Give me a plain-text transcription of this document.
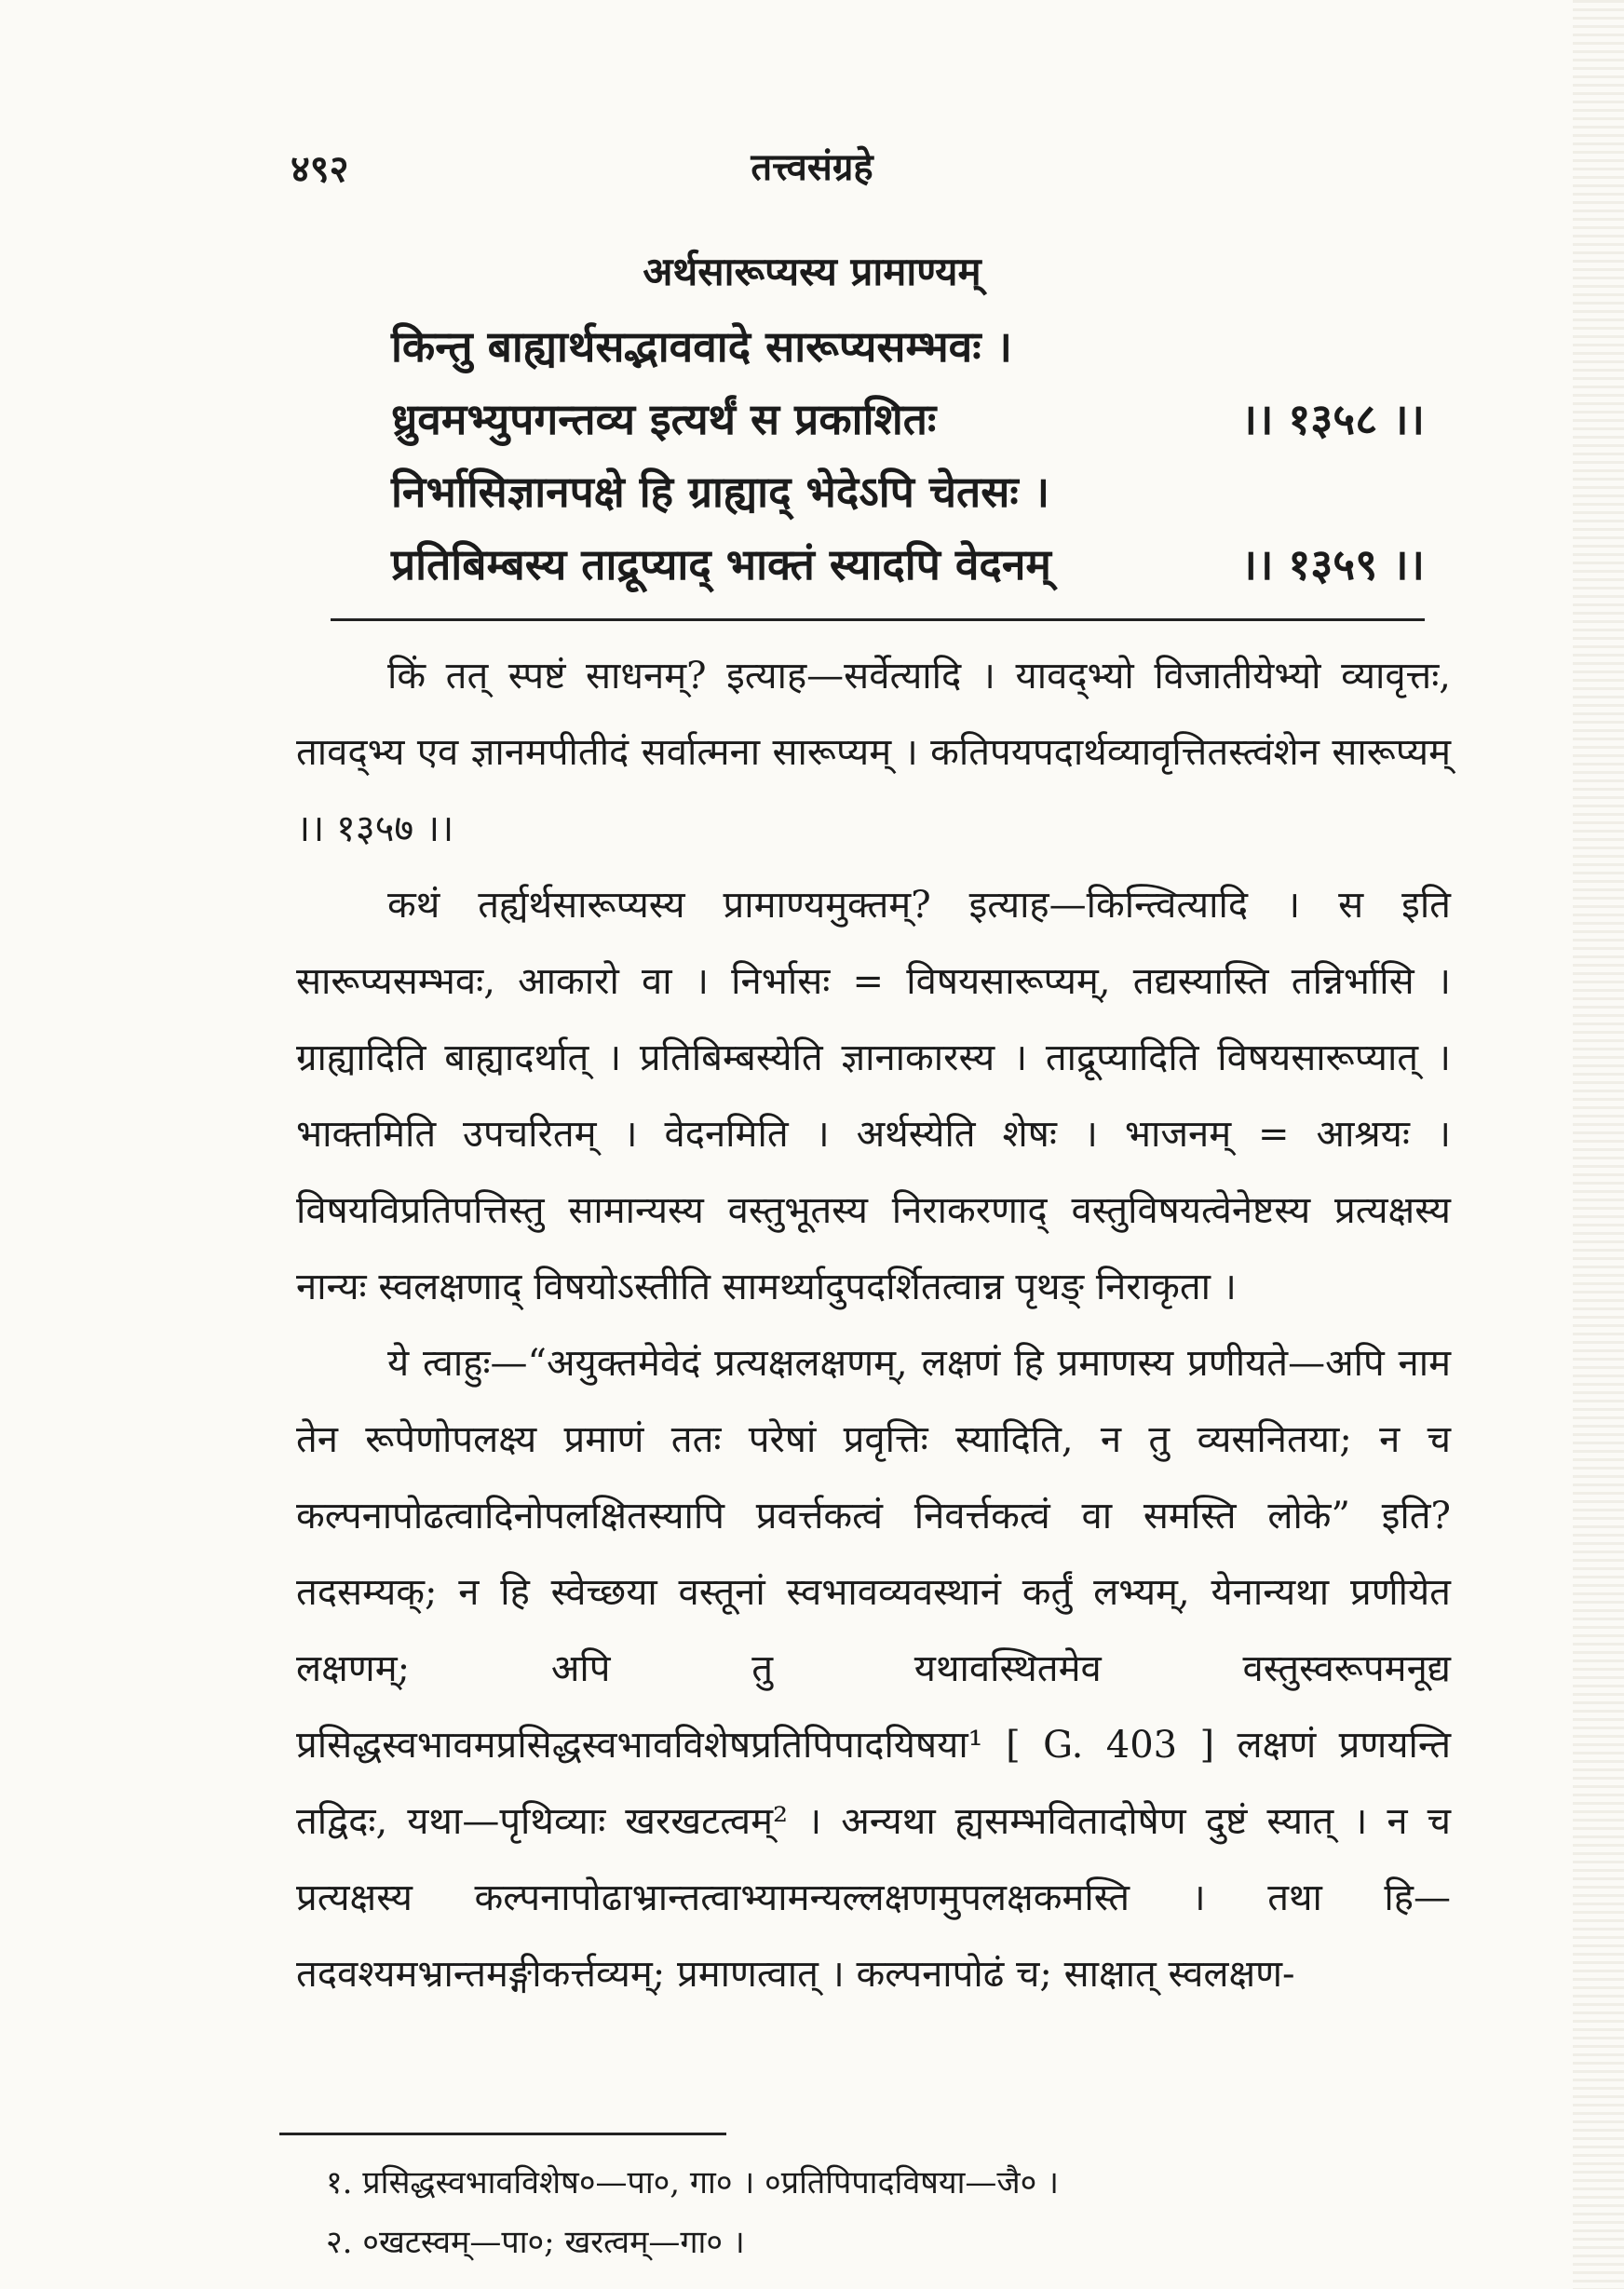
४९२	तत्त्वसंग्रहे
अर्थसारूप्यस्य प्रामाण्यम्
किन्तु बाह्यार्थसद्भाववादे सारूप्यसम्भवः ।
ध्रुवमभ्युपगन्तव्य इत्यर्थं स प्रकाशितः	।। १३५८ ।।
निर्भासिज्ञानपक्षे हि ग्राह्याद् भेदेऽपि चेतसः ।
प्रतिबिम्बस्य ताद्रूप्याद् भाक्तं स्यादपि वेदनम्	।। १३५९ ।।

किं तत् स्पष्टं साधनम्? इत्याह—सर्वेत्यादि । यावद्भ्यो विजातीयेभ्यो व्यावृत्तः, तावद्भ्य एव ज्ञानमपीतीदं सर्वात्मना सारूप्यम् । कतिपयपदार्थव्यावृत्तितस्त्वंशेन सारूप्यम् ।। १३५७ ।।

कथं तर्ह्यर्थसारूप्यस्य प्रामाण्यमुक्तम्? इत्याह—किन्त्वित्यादि । स इति सारूप्यसम्भवः, आकारो वा । निर्भासः = विषयसारूप्यम्, तद्यस्यास्ति तन्निर्भासि । ग्राह्यादिति बाह्यादर्थात् । प्रतिबिम्बस्येति ज्ञानाकारस्य । ताद्रूप्यादिति विषयसारूप्यात् । भाक्तमिति उपचरितम् । वेदनमिति । अर्थस्येति शेषः । भाजनम् = आश्रयः । विषयविप्रतिपत्तिस्तु सामान्यस्य वस्तुभूतस्य निराकरणाद् वस्तुविषयत्वेनेष्टस्य प्रत्यक्षस्य नान्यः स्वलक्षणाद् विषयोऽस्तीति सामर्थ्यादुपदर्शितत्वान्न पृथङ् निराकृता ।

ये त्वाहुः—“अयुक्तमेवेदं प्रत्यक्षलक्षणम्, लक्षणं हि प्रमाणस्य प्रणीयते—अपि नाम तेन रूपेणोपलक्ष्य प्रमाणं ततः परेषां प्रवृत्तिः स्यादिति, न तु व्यसनितया; न च कल्पनापोढत्वादिनोपलक्षितस्यापि प्रवर्त्तकत्वं निवर्त्तकत्वं वा समस्ति लोके” इति? तदसम्यक्; न हि स्वेच्छया वस्तूनां स्वभावव्यवस्थानं कर्तुं लभ्यम्, येनान्यथा प्रणीयेत लक्षणम्; अपि तु यथावस्थितमेव वस्तुस्वरूपमनूद्य प्रसिद्धस्वभावमप्रसिद्धस्वभावविशेषप्रतिपिपादयिषया¹ [ G. 403 ] लक्षणं प्रणयन्ति तद्विदः, यथा—पृथिव्याः खरखटत्वम्² । अन्यथा ह्यसम्भवितादोषेण दुष्टं स्यात् । न च प्रत्यक्षस्य कल्पनापोढाभ्रान्तत्वाभ्यामन्यल्लक्षणमुपलक्षकमस्ति । तथा हि—तदवश्यमभ्रान्तमङ्गीकर्त्तव्यम्; प्रमाणत्वात् । कल्पनापोढं च; साक्षात् स्वलक्षण-

१. प्रसिद्धस्वभावविशेष०—पा०, गा० । ०प्रतिपिपादविषया—जै० ।
२. ०खटस्वम्—पा०; खरत्वम्—गा० ।
